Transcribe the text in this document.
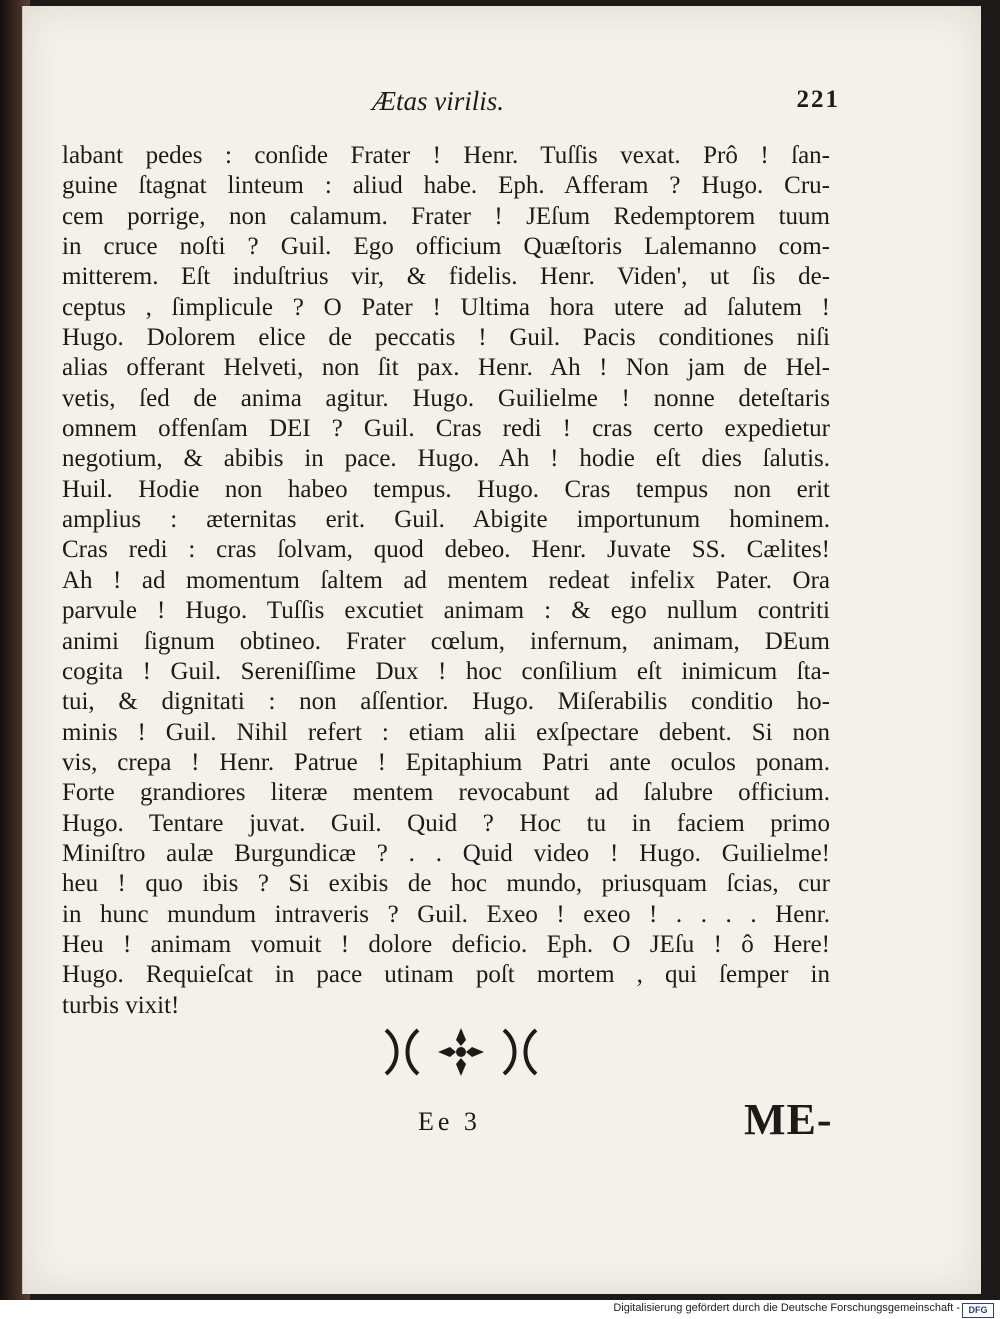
Ætas virilis.	221
labant pedes : conſide Frater ! Henr. Tuſſis vexat. Prô ! ſan-
guine ſtagnat linteum : aliud habe. Eph. Afferam ? Hugo. Cru-
cem porrige, non calamum. Frater ! JEſum Redemptorem tuum
in cruce noſti ? Guil. Ego officium Quæſtoris Lalemanno com-
mitterem. Eſt induſtrius vir, & fidelis. Henr. Viden', ut ſis de-
ceptus , ſimplicule ? O Pater ! Ultima hora utere ad ſalutem !
Hugo. Dolorem elice de peccatis ! Guil. Pacis conditiones niſi
alias offerant Helveti, non ſit pax. Henr. Ah ! Non jam de Hel-
vetis, ſed de anima agitur. Hugo. Guilielme ! nonne deteſtaris
omnem offenſam DEI ? Guil. Cras redi ! cras certo expedietur
negotium, & abibis in pace. Hugo. Ah ! hodie eſt dies ſalutis.
Huil. Hodie non habeo tempus. Hugo. Cras tempus non erit
amplius : æternitas erit. Guil. Abigite importunum hominem.
Cras redi : cras ſolvam, quod debeo. Henr. Juvate SS. Cælites!
Ah ! ad momentum ſaltem ad mentem redeat infelix Pater. Ora
parvule ! Hugo. Tuſſis excutiet animam : & ego nullum contriti
animi ſignum obtineo. Frater cœlum, infernum, animam, DEum
cogita ! Guil. Sereniſſime Dux ! hoc conſilium eſt inimicum ſta-
tui, & dignitati : non aſſentior. Hugo. Miſerabilis conditio ho-
minis ! Guil. Nihil refert : etiam alii exſpectare debent. Si non
vis, crepa ! Henr. Patrue ! Epitaphium Patri ante oculos ponam.
Forte grandiores literæ mentem revocabunt ad ſalubre officium.
Hugo. Tentare juvat. Guil. Quid ? Hoc tu in faciem primo
Miniſtro aulæ Burgundicæ ? . . Quid video ! Hugo. Guilielme!
heu ! quo ibis ? Si exibis de hoc mundo, priusquam ſcias, cur
in hunc mundum intraveris ? Guil. Exeo ! exeo ! . . . . Henr.
Heu ! animam vomuit ! dolore deficio. Eph. O JEſu ! ô Here!
Hugo. Requieſcat in pace utinam poſt mortem , qui ſemper in
turbis vixit!
Ee 3	ME-
Digitalisierung gefördert durch die Deutsche Forschungsgemeinschaft - DFG
